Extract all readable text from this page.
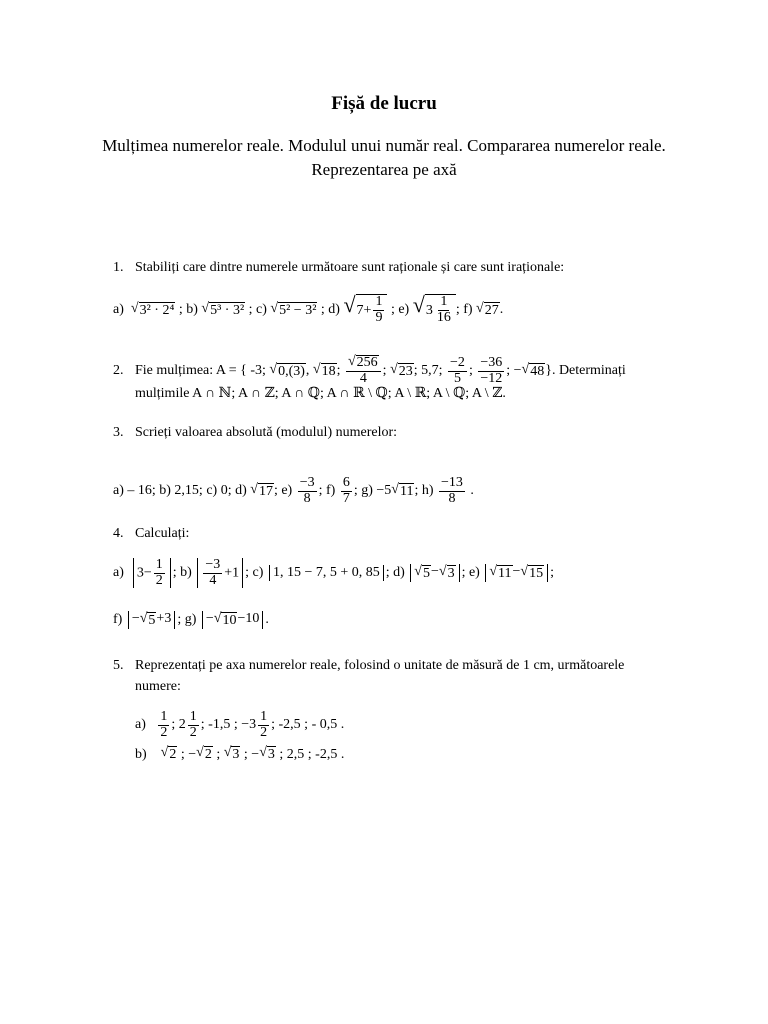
Fișă de lucru
Mulțimea numerelor reale. Modulul unui număr real. Compararea numerelor reale. Reprezentarea pe axă
1. Stabiliți care dintre numerele următoare sunt raționale și care sunt iraționale:
a)
√ 3² · 2⁴ ; b)
√ 5³ · 3² ; c)
√ 5² − 3² ; d)
√ $7+ \frac{1}{9}$ ; e)
√ $3 \frac{1}{16}$ ; f)
√ 27 .
2. Fie mulțimea: A = { -3;
√ 0,(3) , √ 18 ; $\frac{√ 256}{4}$ ; √ 23 ; 5,7;
$\frac{-2}{5}$ ; $\frac{-36}{-12}$ ; − √ 48 }. Determinați
mulțimile A ∩ ℕ; A ∩ ℤ; A ∩ ℚ; A ∩ ℝ \ ℚ; A \ ℝ; A \ ℚ; A \ ℤ.
3. Scrieți valoarea absolută (modulul) numerelor:
a) – 16; b) 2,15; c) 0; d)
√ 17 ; e)
$\frac{-3}{8}$ ; f)
$\frac{6}{7}$ ; g) −5 √ 11 ; h)
$\frac{-13}{8}$
.
4. Calculați:
a)
$3- \frac{1}{2}$ ; b)
$\frac{-3}{4} +1$ ; c)
1, 15 − 7, 5 + 0, 85 ; d)
√ 5 − √ 3 ; e)
√ 11 − √ 15 ;
f)
− √ 5 +3 ; g)
− √ 10 −10 .
5. Reprezentați pe axa numerelor reale, folosind o unitate de măsură de 1 cm, următoarele
numere:
a)
$\frac{1}{2}$ ; $2 \frac{1}{2}$ ; -1,5 ; $-3 \frac{1}{2}$ ; -2,5 ; - 0,5 .
b)
√ 2
; − √ 2
;
√ 3
; − √ 3
; 2,5 ; -2,5 .
